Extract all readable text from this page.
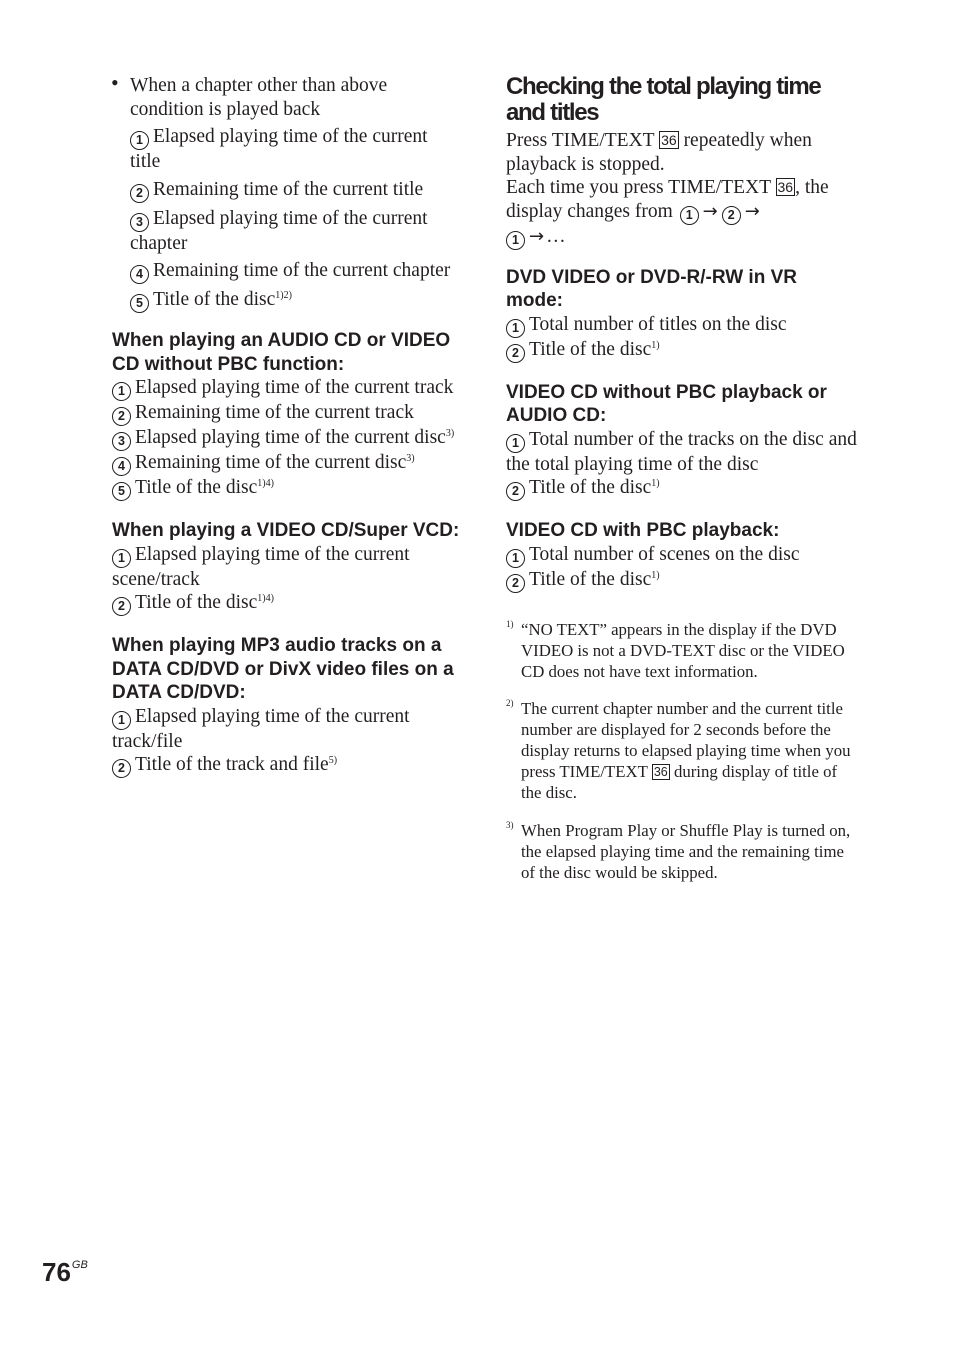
• When a chapter other than above condition is played back

1 Elapsed playing time of the current title

2 Remaining time of the current title

3 Elapsed playing time of the current chapter

4 Remaining time of the current chapter

5 Title of the disc$^{1)2)}$

When playing an AUDIO CD or VIDEO CD without PBC function:

1 Elapsed playing time of the current track

2 Remaining time of the current track

3 Elapsed playing time of the current disc$^{3)}$

4 Remaining time of the current disc$^{3)}$

5 Title of the disc$^{1)4)}$

When playing a VIDEO CD/Super VCD:

1 Elapsed playing time of the current scene/track

2 Title of the disc$^{1)4)}$

When playing MP3 audio tracks on a DATA CD/DVD or DivX video files on a DATA CD/DVD:

1 Elapsed playing time of the current track/file

2 Title of the track and file$^{5)}$

Checking the total playing time and titles

Press TIME/TEXT 36 repeatedly when playback is stopped.

Each time you press TIME/TEXT 36 , the display changes from 1 → 2 →
1 → …

DVD VIDEO or DVD-R/-RW in VR mode:

1 Total number of titles on the disc

2 Title of the disc$^{1)}$

VIDEO CD without PBC playback or AUDIO CD:

1 Total number of the tracks on the disc and the total playing time of the disc

2 Title of the disc$^{1)}$

VIDEO CD with PBC playback:

1 Total number of scenes on the disc

2 Title of the disc$^{1)}$

1) “NO TEXT” appears in the display if the DVD VIDEO is not a DVD-TEXT disc or the VIDEO CD does not have text information.

2) The current chapter number and the current title number are displayed for 2 seconds before the display returns to elapsed playing time when you press TIME/TEXT 36 during display of title of the disc.

3) When Program Play or Shuffle Play is turned on, the elapsed playing time and the remaining time of the disc would be skipped.

$76^{GB}$
